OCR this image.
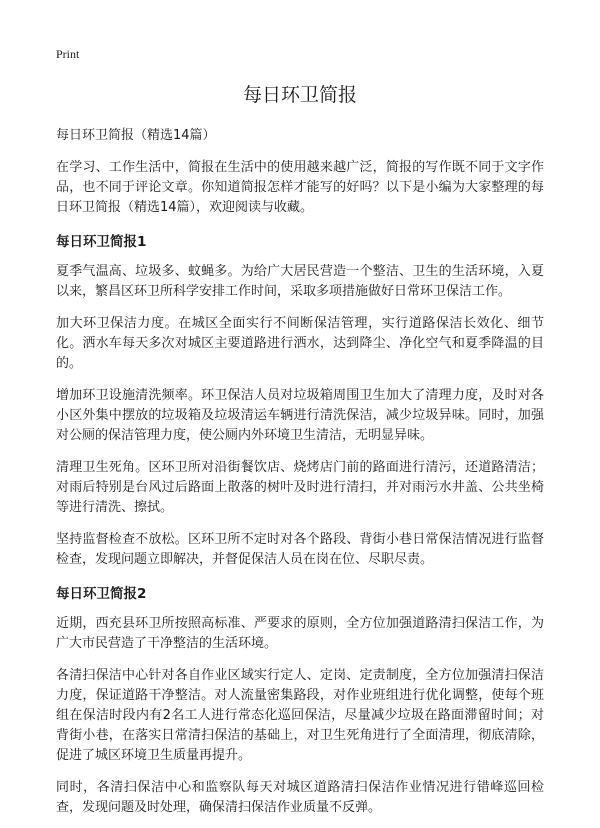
Print
每日环卫简报

每日环卫简报（精选14篇）

在学习、工作生活中，简报在生活中的使用越来越广泛，简报的写作既不同于文字作品，也不同于评论文章。你知道简报怎样才能写的好吗？以下是小编为大家整理的每日环卫简报（精选14篇），欢迎阅读与收藏。

每日环卫简报1

夏季气温高、垃圾多、蚊蝇多。为给广大居民营造一个整洁、卫生的生活环境，入夏以来，繁昌区环卫所科学安排工作时间，采取多项措施做好日常环卫保洁工作。

加大环卫保洁力度。在城区全面实行不间断保洁管理，实行道路保洁长效化、细节化。洒水车每天多次对城区主要道路进行洒水，达到降尘、净化空气和夏季降温的目的。

增加环卫设施清洗频率。环卫保洁人员对垃圾箱周围卫生加大了清理力度，及时对各小区外集中摆放的垃圾箱及垃圾清运车辆进行清洗保洁，减少垃圾异味。同时，加强对公厕的保洁管理力度，使公厕内外环境卫生清洁，无明显异味。

清理卫生死角。区环卫所对沿街餐饮店、烧烤店门前的路面进行清污，还道路清洁；对雨后特别是台风过后路面上散落的树叶及时进行清扫，并对雨污水井盖、公共坐椅等进行清洗、擦拭。

坚持监督检查不放松。区环卫所不定时对各个路段、背街小巷日常保洁情况进行监督检查，发现问题立即解决，并督促保洁人员在岗在位、尽职尽责。

每日环卫简报2

近期，西充县环卫所按照高标准、严要求的原则，全方位加强道路清扫保洁工作，为广大市民营造了干净整洁的生活环境。

各清扫保洁中心针对各自作业区域实行定人、定岗、定责制度，全方位加强清扫保洁力度，保证道路干净整洁。对人流量密集路段，对作业班组进行优化调整，使每个班组在保洁时段内有2名工人进行常态化巡回保洁，尽量减少垃圾在路面滞留时间；对背街小巷，在落实日常清扫保洁的基础上，对卫生死角进行了全面清理，彻底清除，促进了城区环境卫生质量再提升。

同时，各清扫保洁中心和监察队每天对城区道路清扫保洁作业情况进行错峰巡回检查，发现问题及时处理，确保清扫保洁作业质量不反弹。
